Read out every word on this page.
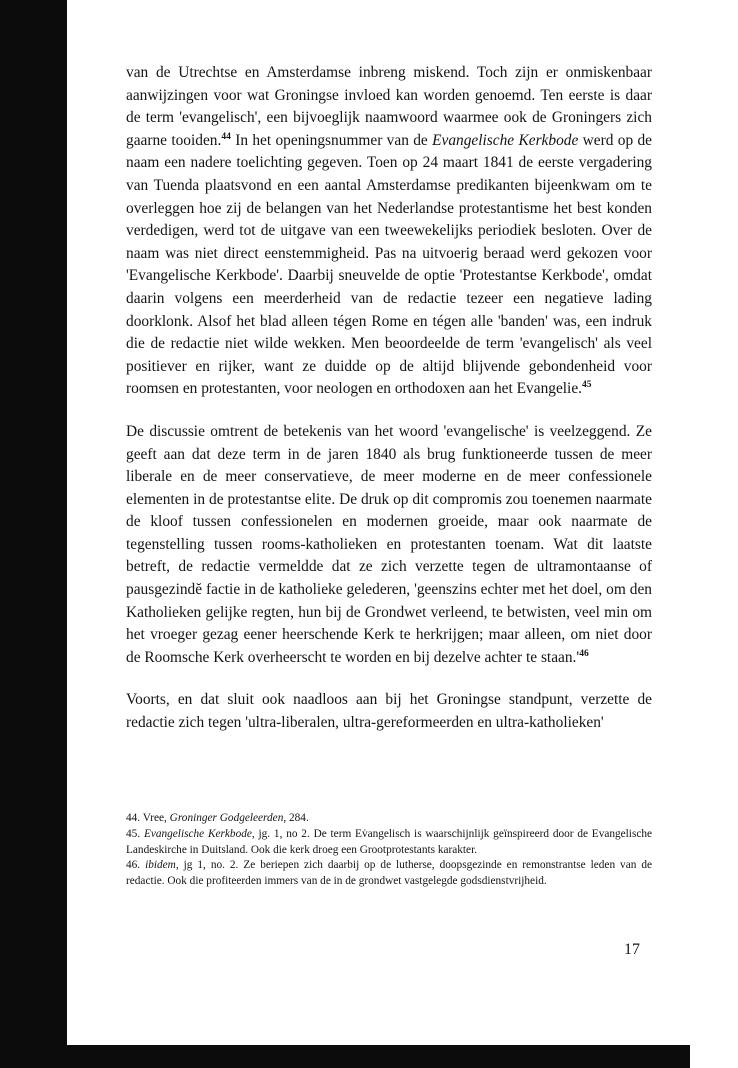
van de Utrechtse en Amsterdamse inbreng miskend. Toch zijn er onmiskenbaar aanwijzingen voor wat Groningse invloed kan worden genoemd. Ten eerste is daar de term 'evangelisch', een bijvoeglijk naamwoord waarmee ook de Groningers zich gaarne tooiden.$^{44}$ In het openingsnummer van de Evangelische Kerkbode werd op de naam een nadere toelichting gegeven. Toen op 24 maart 1841 de eerste vergadering van Tuenda plaatsvond en een aantal Amsterdamse predikanten bijeenkwam om te overleggen hoe zij de belangen van het Nederlandse protestantisme het best konden verdedigen, werd tot de uitgave van een tweewekelijks periodiek besloten. Over de naam was niet direct eenstemmigheid. Pas na uitvoerig beraad werd gekozen voor 'Evangelische Kerkbode'. Daarbij sneuvelde de optie 'Protestantse Kerkbode', omdat daarin volgens een meerderheid van de redactie tezeer een negatieve lading doorklonk. Alsof het blad alleen tégen Rome en tégen alle 'banden' was, een indruk die de redactie niet wilde wekken. Men beoordeelde de term 'evangelisch' als veel positiever en rijker, want ze duidde op de altijd blijvende gebondenheid voor roomsen en protestanten, voor neologen en orthodoxen aan het Evangelie.$^{45}$

De discussie omtrent de betekenis van het woord 'evangelische' is veelzeggend. Ze geeft aan dat deze term in de jaren 1840 als brug funktioneerde tussen de meer liberale en de meer conservatieve, de meer moderne en de meer confessionele elementen in de protestantse elite. De druk op dit compromis zou toenemen naarmate de kloof tussen confessionelen en modernen groeide, maar ook naarmate de tegenstelling tussen rooms-katholieken en protestanten toenam. Wat dit laatste betreft, de redactie vermeldde dat ze zich verzette tegen de ultramontaanse of pausgezindĕ factie in de katholieke gelederen, 'geenszins echter met het doel, om den Katholieken gelijke regten, hun bij de Grondwet verleend, te betwisten, veel min om het vroeger gezag eener heerschende Kerk te herkrijgen; maar alleen, om niet door de Roomsche Kerk overheerscht te worden en bij dezelve achter te $staan.'^{46}$

Voorts, en dat sluit ook naadloos aan bij het Groningse standpunt, verzette de redactie zich tegen 'ultra-liberalen, ultra-gereformeerden en ultra-katholieken'

44. Vree, Groninger Godgeleerden, 284.

45. Evangelische Kerkbode, jg. 1, no 2. De term Ev̇angelisch is waarschijnlijk geïnspireerd door de Evangelische Landeskirche in Duitsland. Ook die kerk droeg een Grootprotestants karakter.

46. ibidem, jg 1, no. 2. Ze beriepen zich daarbij op de lutherse, doopsgezinde en remonstrantse leden van de redactie. Ook die profiteerden immers van de in de grondwet vastgelegde godsdienstvrijheid.

17
